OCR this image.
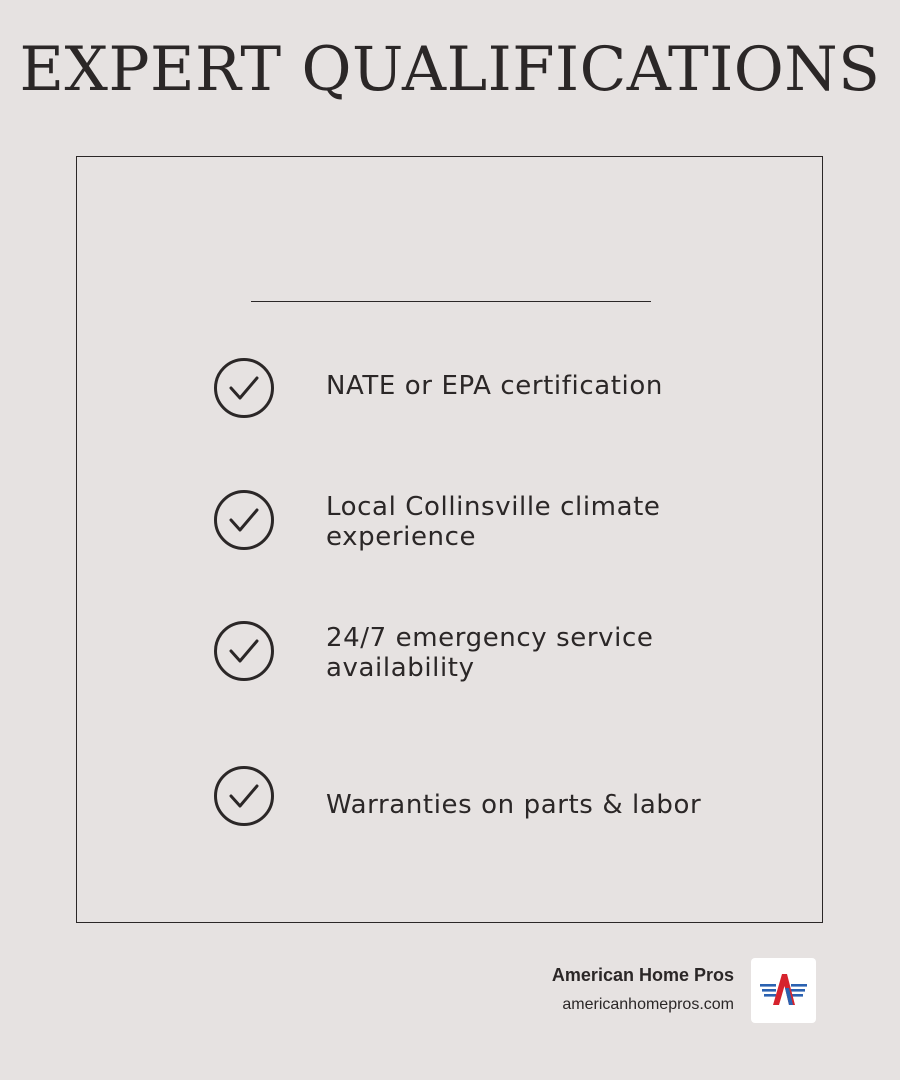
EXPERT QUALIFICATIONS
NATE or EPA certification
Local Collinsville climate experience
24/7 emergency service availability
Warranties on parts & labor
American Home Pros
americanhomepros.com
